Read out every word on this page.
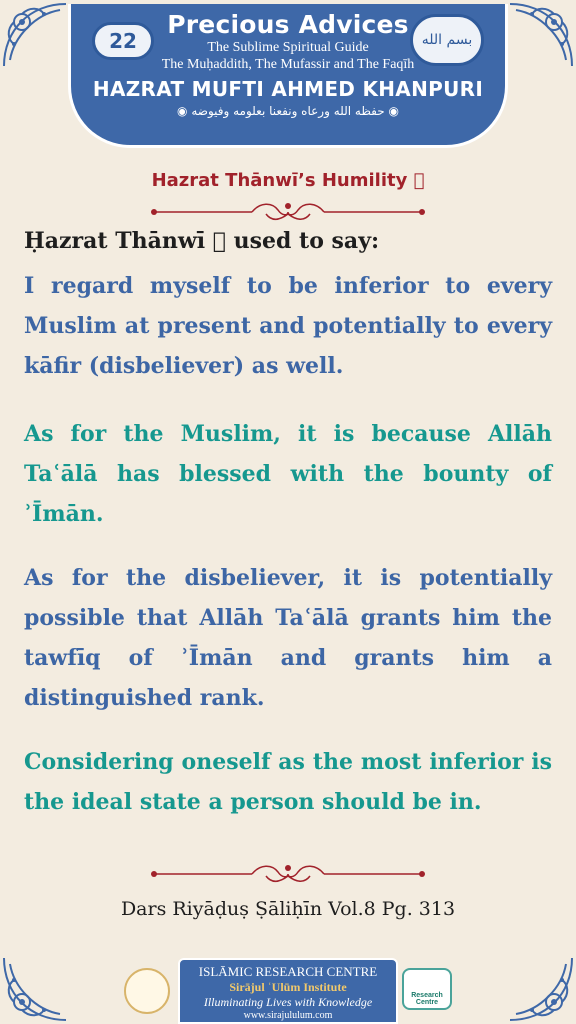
Precious Advices
The Sublime Spiritual Guide
The Muḥaddith, The Mufassir and The Faqīh
HAZRAT MUFTI AHMED KHANPURI
◉ حفظه الله ورعاه ونفعنا بعلومه وفيوضه ◉
22	بسم الله
Hazrat Thānwī’s Humility ﷭
Ḥazrat Thānwī ﷭ used to say:
I regard myself to be inferior to every Muslim at present and potentially to every kāfir (disbeliever) as well.
As for the Muslim, it is because Allāh Taʿālā has blessed with the bounty of ʾĪmān.
As for the disbeliever, it is potentially possible that Allāh Taʿālā grants him the tawfīq of ʾĪmān and grants him a distinguished rank.
Considering oneself as the most inferior is the ideal state a person should be in.
Dars Riyāḍuṣ Ṣāliḥīn Vol.8 Pg. 313
ISLĀMIC RESEARCH CENTRE
Sirājul ʿUlūm Institute
Illuminating Lives with Knowledge
www.sirajululum.com
Research Centre
